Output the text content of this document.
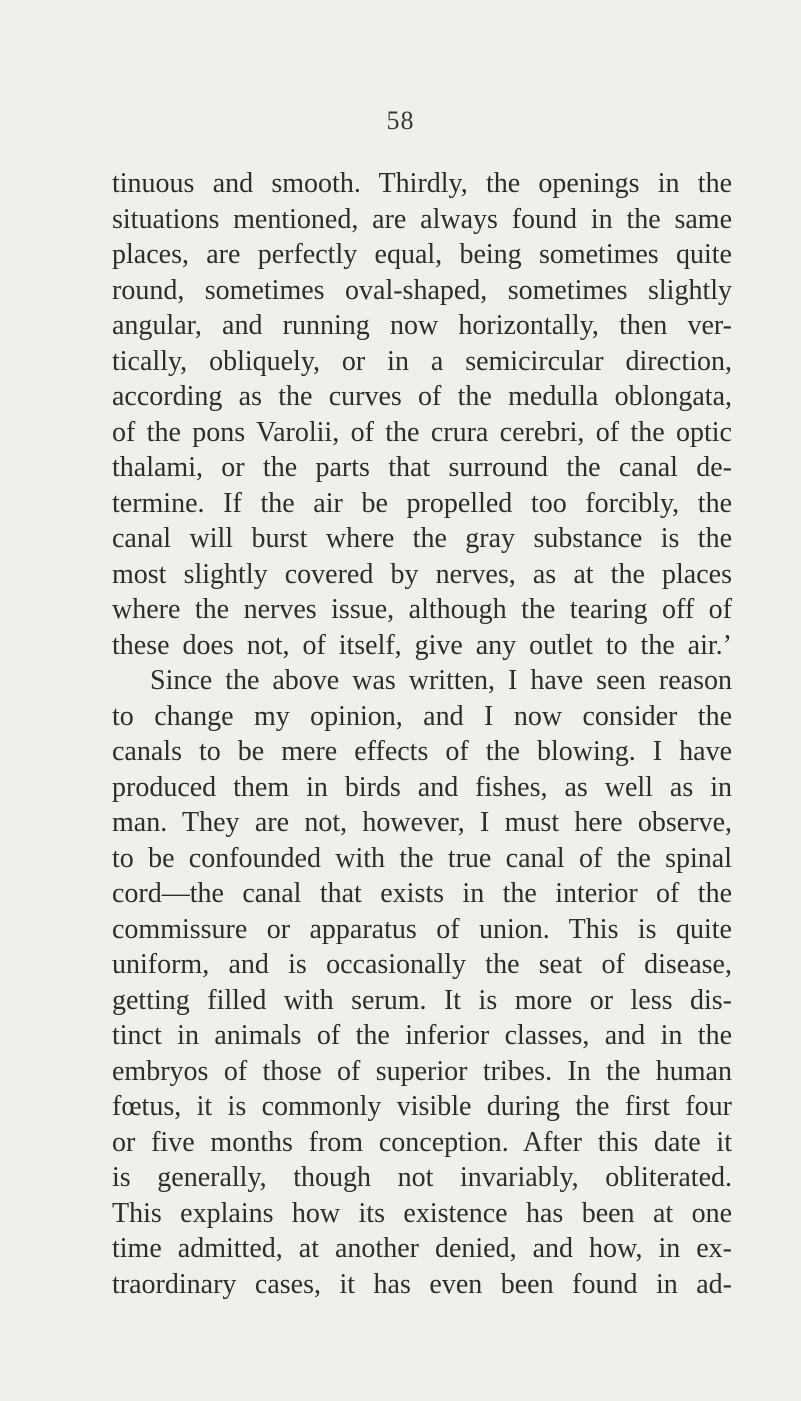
58
tinuous and smooth. Thirdly, the openings in the
situations mentioned, are always found in the same
places, are perfectly equal, being sometimes quite
round, sometimes oval-shaped, sometimes slightly
angular, and running now horizontally, then ver-
tically, obliquely, or in a semicircular direction,
according as the curves of the medulla oblongata,
of the pons Varolii, of the crura cerebri, of the optic
thalami, or the parts that surround the canal de-
termine. If the air be propelled too forcibly, the
canal will burst where the gray substance is the
most slightly covered by nerves, as at the places
where the nerves issue, although the tearing off of
these does not, of itself, give any outlet to the air.’
Since the above was written, I have seen reason
to change my opinion, and I now consider the
canals to be mere effects of the blowing. I have
produced them in birds and fishes, as well as in
man. They are not, however, I must here observe,
to be confounded with the true canal of the spinal
cord—the canal that exists in the interior of the
commissure or apparatus of union. This is quite
uniform, and is occasionally the seat of disease,
getting filled with serum. It is more or less dis-
tinct in animals of the inferior classes, and in the
embryos of those of superior tribes. In the human
fœtus, it is commonly visible during the first four
or five months from conception. After this date it
is generally, though not invariably, obliterated.
This explains how its existence has been at one
time admitted, at another denied, and how, in ex-
traordinary cases, it has even been found in ad-
